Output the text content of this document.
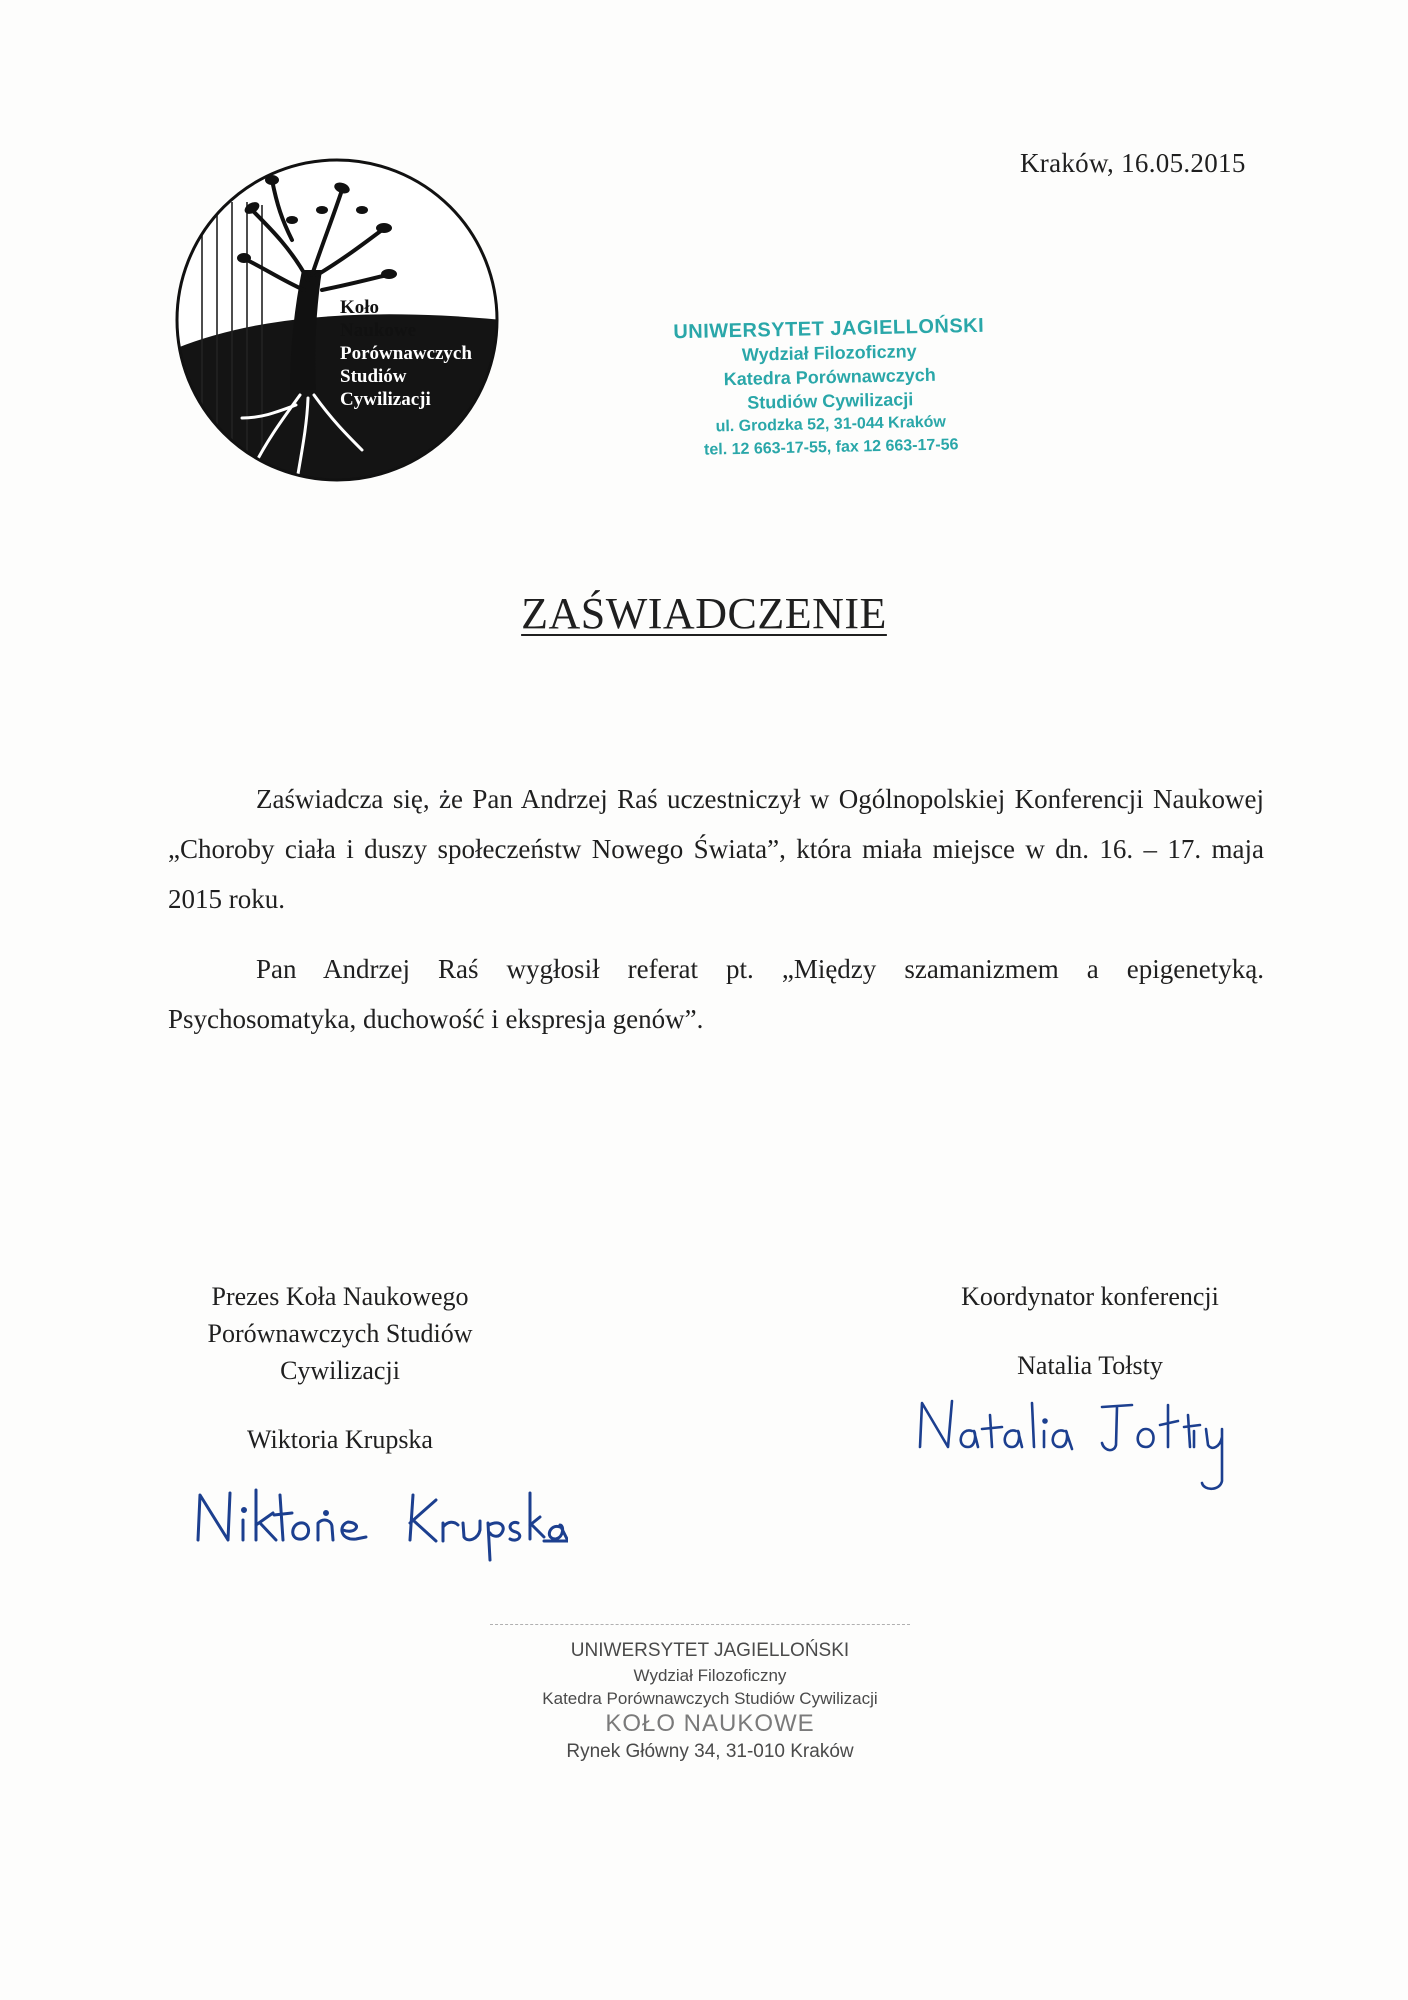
Kraków, 16.05.2015
Koło
Naukowe
Porównawczych
Studiów
Cywilizacji
UNIWERSYTET JAGIELLOŃSKI
Wydział Filozoficzny
Katedra Porównawczych
Studiów Cywilizacji
ul. Grodzka 52, 31-044 Kraków
tel. 12 663-17-55, fax 12 663-17-56
ZAŚWIADCZENIE

Zaświadcza się, że Pan Andrzej Raś uczestniczył w Ogólnopolskiej Konferencji Naukowej „Choroby ciała i duszy społeczeństw Nowego Świata”, która miała miejsce w dn. 16. – 17. maja 2015 roku.

Pan Andrzej Raś wygłosił referat pt. „Między szamanizmem a epigenetyką. Psychosomatyka, duchowość i ekspresja genów”.

Prezes Koła Naukowego
Porównawczych Studiów
Cywilizacji
Wiktoria Krupska
Koordynator konferencji
Natalia Tołsty
UNIWERSYTET JAGIELLOŃSKI
Wydział Filozoficzny
Katedra Porównawczych Studiów Cywilizacji
KOŁO NAUKOWE
Rynek Główny 34, 31-010 Kraków
